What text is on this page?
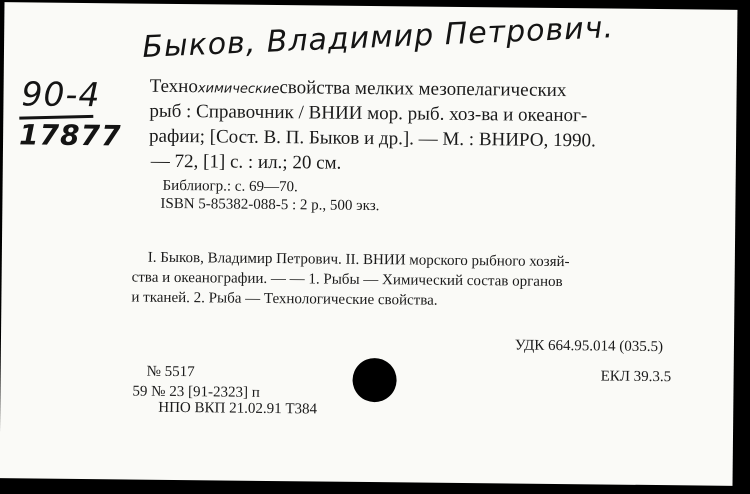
Быков, Владимир Петрович.
90-4
17877
Технохимическиесвойства мелких мезопелагических
рыб : Справочник / ВНИИ мор. рыб. хоз-ва и океаног-
рафии; [Сост. В. П. Быков и др.]. — М. : ВНИРО, 1990.
— 72, [1] с. : ил.; 20 см.
Библиогр.: с. 69—70.
ISBN 5-85382-088-5 : 2 р., 500 экз.
I. Быков, Владимир Петрович. II. ВНИИ морского рыбного хозяй-
ства и океанографии. — — 1. Рыбы — Химический состав органов
и тканей. 2. Рыба — Технологические свойства.
УДК 664.95.014 (035.5)
ЕКЛ 39.3.5
№ 5517
59 № 23 [91-2323] п
НПО ВКП 21.02.91 Т384
